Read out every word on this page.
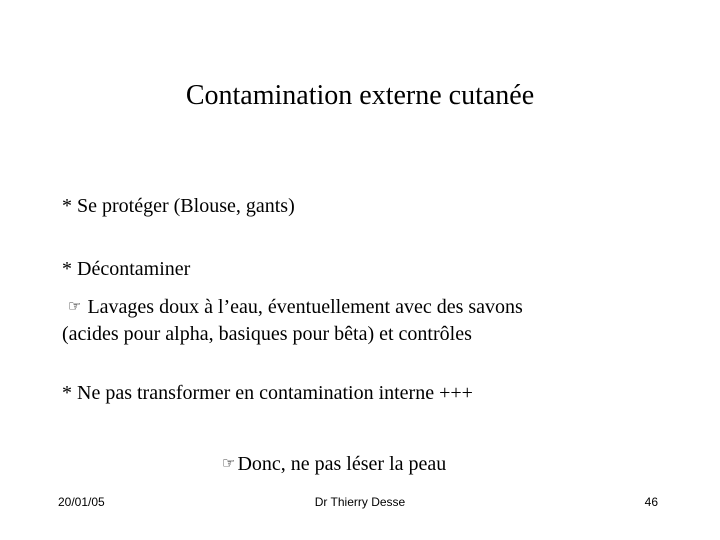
Contamination externe cutanée
* Se protéger (Blouse, gants)
* Décontaminer
☞ Lavages doux à l’eau, éventuellement avec des savons
(acides pour alpha, basiques pour bêta) et contrôles
* Ne pas transformer en contamination interne +++
☞ Donc, ne pas léser la peau
20/01/05	Dr Thierry Desse	46
